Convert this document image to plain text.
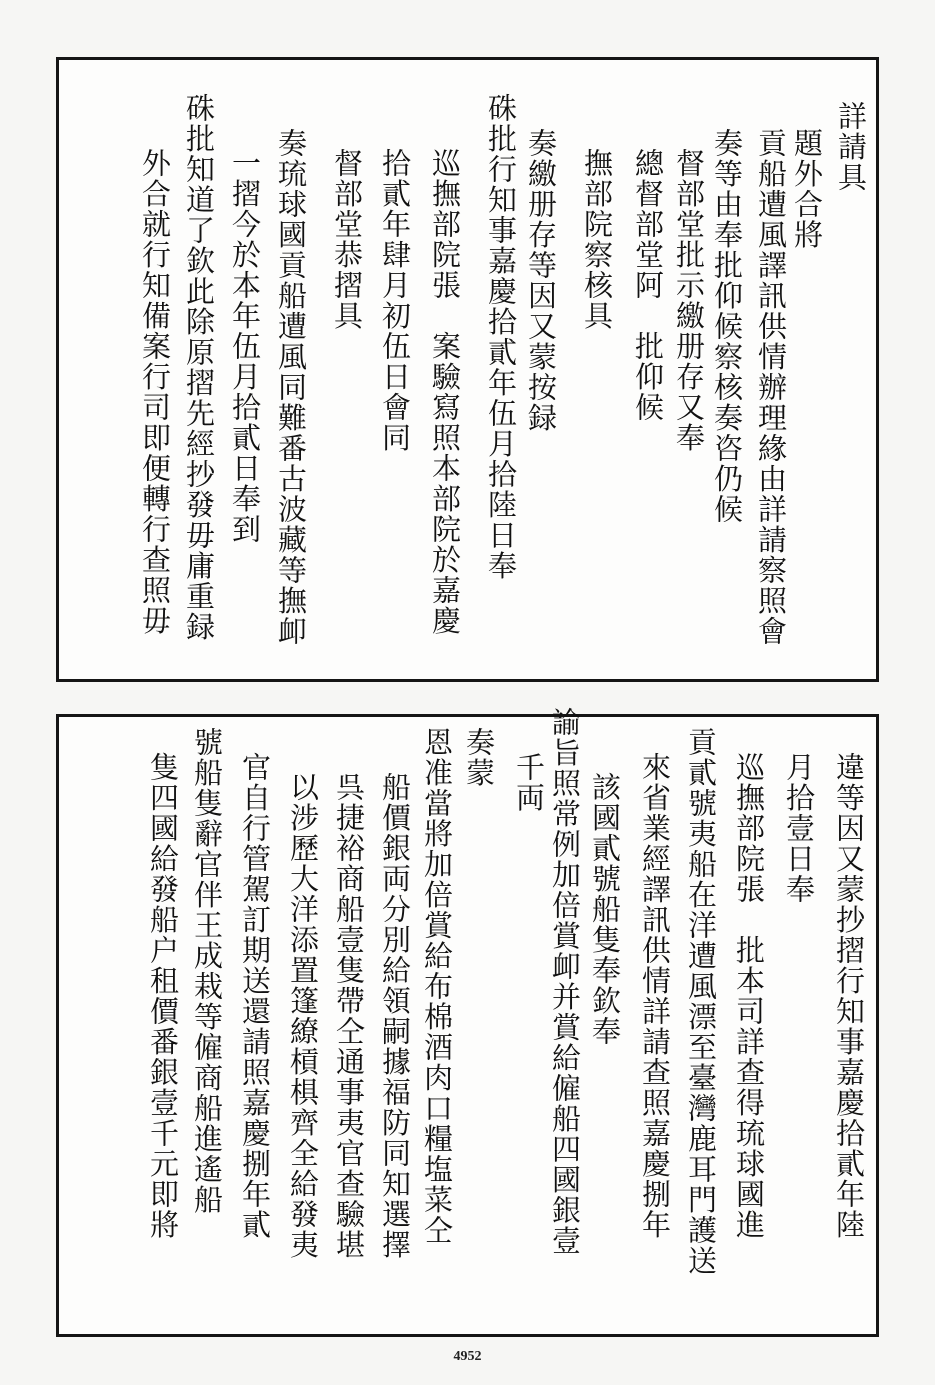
詳請具
題外合將
貢船遭風譯訊供情辦理緣由詳請察照會
奏等由奉批仰候察核奏咨仍候
督部堂批示繳册存又奉
總督部堂阿　批仰候
撫部院察核具
奏繳册存等因又蒙按録
硃批行知事嘉慶拾貳年伍月拾陸日奉
巡撫部院張　案驗寫照本部院於嘉慶
拾貳年肆月初伍日會同
督部堂恭摺具
奏琉球國貢船遭風同難番古波藏等撫卹
一摺今於本年伍月拾貳日奉到
硃批知道了欽此除原摺先經抄發毋庸重録
外合就行知備案行司即便轉行查照毋
違等因又蒙抄摺行知事嘉慶拾貳年陸
月拾壹日奉
巡撫部院張　批本司詳查得琉球國進
貢貳號夷船在洋遭風漂至臺灣鹿耳門護送
來省業經譯訊供情詳請查照嘉慶捌年
該國貳號船隻奉欽奉
諭旨照常例加倍賞卹并賞給僱船四國銀壹
千両
奏蒙
恩准當將加倍賞給布棉酒肉口糧塩菜仝
船價銀両分別給領嗣據福防同知選擇
呉捷裕商船壹隻帶仝通事夷官查驗堪
以涉歷大洋添置篷繚槓椇齊全給發夷
官自行管駕訂期送還請照嘉慶捌年貳
號船隻辭官伴王成栽等僱商船進遙船
隻四國給發船户租價番銀壹千元即將
4952
